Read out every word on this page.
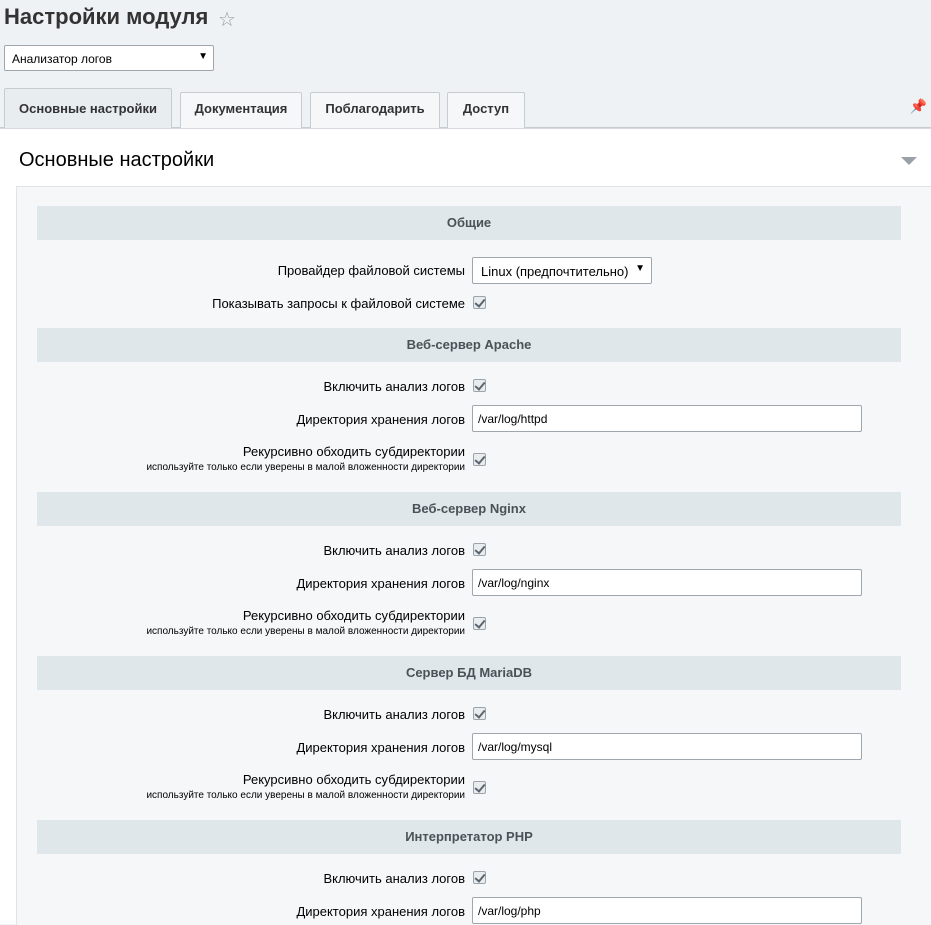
Настройки модуля ☆
Анализатор логов	▼
Основные настройки	Документация	Поблагодарить	Доступ	📌
Основные настройки
Общие
Провайдер файловой системы	Linux (предпочтительно) ▼
Показывать запросы к файловой системе
Веб-сервер Apache
Включить анализ логов
Директория хранения логов	/var/log/httpd
Рекурсивно обходить субдиректории
используйте только если уверены в малой вложенности директории
Веб-сервер Nginx
Включить анализ логов
Директория хранения логов	/var/log/nginx
Рекурсивно обходить субдиректории
используйте только если уверены в малой вложенности директории
Сервер БД MariaDB
Включить анализ логов
Директория хранения логов	/var/log/mysql
Рекурсивно обходить субдиректории
используйте только если уверены в малой вложенности директории
Интерпретатор PHP
Включить анализ логов
Директория хранения логов	/var/log/php
